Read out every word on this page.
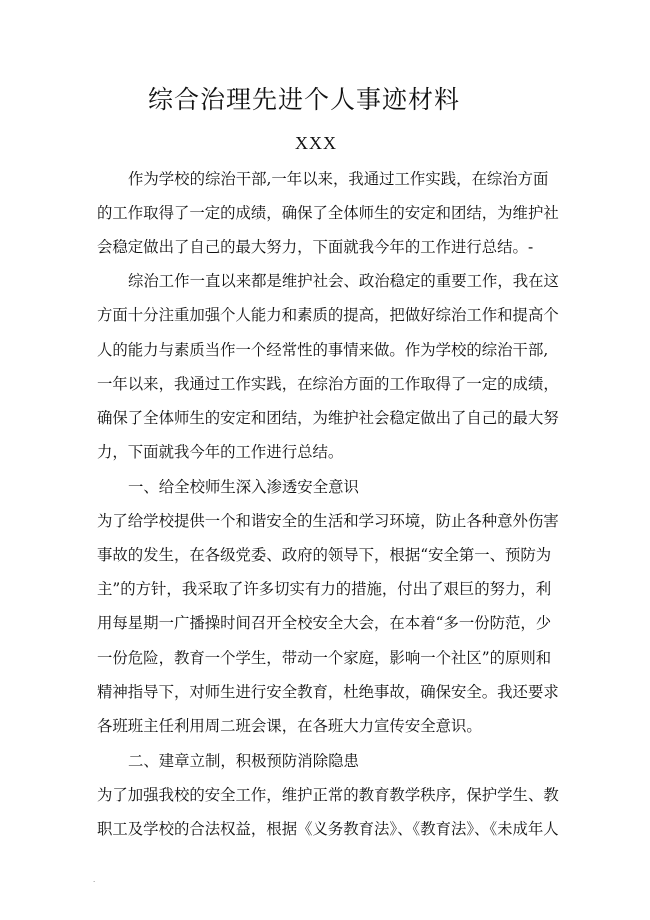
综合治理先进个人事迹材料
XXX
作为学校的综治干部,一年以来，我通过工作实践，在综治方面
的工作取得了一定的成绩，确保了全体师生的安定和团结，为维护社
会稳定做出了自己的最大努力，下面就我今年的工作进行总结。-
综治工作一直以来都是维护社会、政治稳定的重要工作，我在这
方面十分注重加强个人能力和素质的提高，把做好综治工作和提高个
人的能力与素质当作一个经常性的事情来做。作为学校的综治干部,
一年以来，我通过工作实践，在综治方面的工作取得了一定的成绩，
确保了全体师生的安定和团结，为维护社会稳定做出了自己的最大努
力，下面就我今年的工作进行总结。
一、给全校师生深入渗透安全意识
为了给学校提供一个和谐安全的生活和学习环境，防止各种意外伤害
事故的发生，在各级党委、政府的领导下，根据“安全第一、预防为
主”的方针，我采取了许多切实有力的措施，付出了艰巨的努力，利
用每星期一广播操时间召开全校安全大会，在本着“多一份防范，少
一份危险，教育一个学生，带动一个家庭，影响一个社区”的原则和
精神指导下，对师生进行安全教育，杜绝事故，确保安全。我还要求
各班班主任利用周二班会课，在各班大力宣传安全意识。
二、建章立制，积极预防消除隐患
为了加强我校的安全工作，维护正常的教育教学秩序，保护学生、教
职工及学校的合法权益，根据《义务教育法》、《教育法》、《未成年人
.
